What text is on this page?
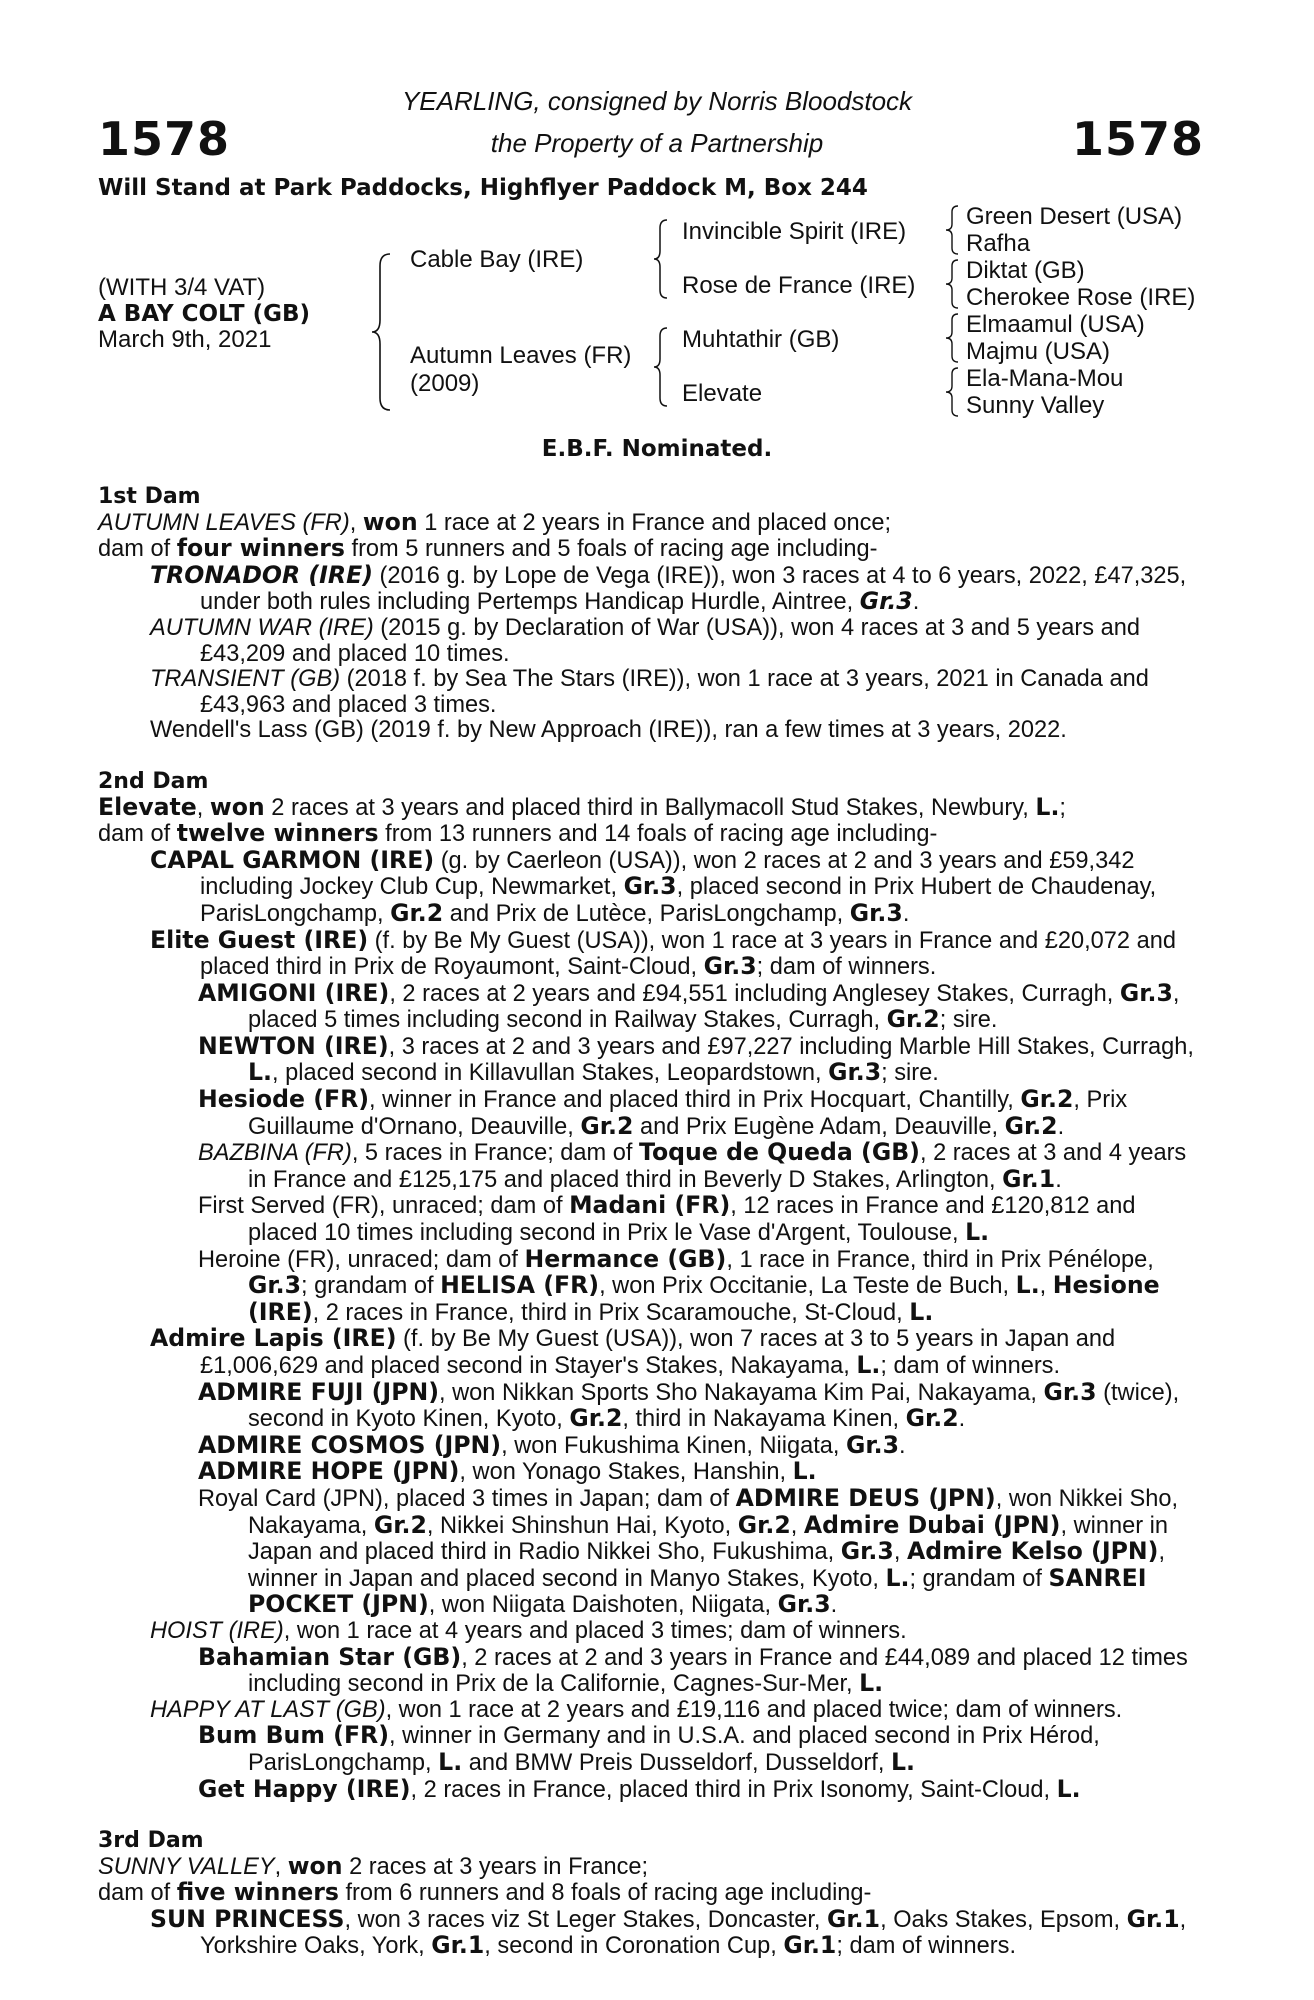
1578	1578
YEARLING, consigned by Norris Bloodstock
the Property of a Partnership
Will Stand at Park Paddocks, Highflyer Paddock M, Box 244
(WITH 3/4 VAT)
A BAY COLT (GB)
March 9th, 2021
Cable Bay (IRE)
Autumn Leaves (FR)
(2009)
Invincible Spirit (IRE)
Rose de France (IRE)
Muhtathir (GB)
Elevate
Green Desert (USA)
Rafha
Diktat (GB)
Cherokee Rose (IRE)
Elmaamul (USA)
Majmu (USA)
Ela-Mana-Mou
Sunny Valley
E.B.F. Nominated.

1st Dam

AUTUMN LEAVES (FR), won 1 race at 2 years in France and placed once;

dam of four winners from 5 runners and 5 foals of racing age including-

TRONADOR (IRE) (2016 g. by Lope de Vega (IRE)), won 3 races at 4 to 6 years, 2022, £47,325, under both rules including Pertemps Handicap Hurdle, Aintree, Gr.3.

AUTUMN WAR (IRE) (2015 g. by Declaration of War (USA)), won 4 races at 3 and 5 years and £43,209 and placed 10 times.

TRANSIENT (GB) (2018 f. by Sea The Stars (IRE)), won 1 race at 3 years, 2021 in Canada and £43,963 and placed 3 times.

Wendell's Lass (GB) (2019 f. by New Approach (IRE)), ran a few times at 3 years, 2022.

2nd Dam

Elevate, won 2 races at 3 years and placed third in Ballymacoll Stud Stakes, Newbury, L.;

dam of twelve winners from 13 runners and 14 foals of racing age including-

CAPAL GARMON (IRE) (g. by Caerleon (USA)), won 2 races at 2 and 3 years and £59,342 including Jockey Club Cup, Newmarket, Gr.3, placed second in Prix Hubert de Chaudenay, ParisLongchamp, Gr.2 and Prix de Lutèce, ParisLongchamp, Gr.3.

Elite Guest (IRE) (f. by Be My Guest (USA)), won 1 race at 3 years in France and £20,072 and placed third in Prix de Royaumont, Saint-Cloud, Gr.3; dam of winners.

AMIGONI (IRE), 2 races at 2 years and £94,551 including Anglesey Stakes, Curragh, Gr.3, placed 5 times including second in Railway Stakes, Curragh, Gr.2; sire.

NEWTON (IRE), 3 races at 2 and 3 years and £97,227 including Marble Hill Stakes, Curragh, L., placed second in Killavullan Stakes, Leopardstown, Gr.3; sire.

Hesiode (FR), winner in France and placed third in Prix Hocquart, Chantilly, Gr.2, Prix Guillaume d'Ornano, Deauville, Gr.2 and Prix Eugène Adam, Deauville, Gr.2.

BAZBINA (FR), 5 races in France; dam of Toque de Queda (GB), 2 races at 3 and 4 years in France and £125,175 and placed third in Beverly D Stakes, Arlington, Gr.1.

First Served (FR), unraced; dam of Madani (FR), 12 races in France and £120,812 and placed 10 times including second in Prix le Vase d'Argent, Toulouse, L.

Heroine (FR), unraced; dam of Hermance (GB), 1 race in France, third in Prix Pénélope, Gr.3; grandam of HELISA (FR), won Prix Occitanie, La Teste de Buch, L., Hesione (IRE), 2 races in France, third in Prix Scaramouche, St-Cloud, L.

Admire Lapis (IRE) (f. by Be My Guest (USA)), won 7 races at 3 to 5 years in Japan and £1,006,629 and placed second in Stayer's Stakes, Nakayama, L.; dam of winners.

ADMIRE FUJI (JPN), won Nikkan Sports Sho Nakayama Kim Pai, Nakayama, Gr.3 (twice), second in Kyoto Kinen, Kyoto, Gr.2, third in Nakayama Kinen, Gr.2.

ADMIRE COSMOS (JPN), won Fukushima Kinen, Niigata, Gr.3.

ADMIRE HOPE (JPN), won Yonago Stakes, Hanshin, L.

Royal Card (JPN), placed 3 times in Japan; dam of ADMIRE DEUS (JPN), won Nikkei Sho, Nakayama, Gr.2, Nikkei Shinshun Hai, Kyoto, Gr.2, Admire Dubai (JPN), winner in Japan and placed third in Radio Nikkei Sho, Fukushima, Gr.3, Admire Kelso (JPN), winner in Japan and placed second in Manyo Stakes, Kyoto, L.; grandam of SANREI POCKET (JPN), won Niigata Daishoten, Niigata, Gr.3.

HOIST (IRE), won 1 race at 4 years and placed 3 times; dam of winners.

Bahamian Star (GB), 2 races at 2 and 3 years in France and £44,089 and placed 12 times including second in Prix de la Californie, Cagnes-Sur-Mer, L.

HAPPY AT LAST (GB), won 1 race at 2 years and £19,116 and placed twice; dam of winners.

Bum Bum (FR), winner in Germany and in U.S.A. and placed second in Prix Hérod, ParisLongchamp, L. and BMW Preis Dusseldorf, Dusseldorf, L.

Get Happy (IRE), 2 races in France, placed third in Prix Isonomy, Saint-Cloud, L.

3rd Dam

SUNNY VALLEY, won 2 races at 3 years in France;

dam of five winners from 6 runners and 8 foals of racing age including-

SUN PRINCESS, won 3 races viz St Leger Stakes, Doncaster, Gr.1, Oaks Stakes, Epsom, Gr.1, Yorkshire Oaks, York, Gr.1, second in Coronation Cup, Gr.1; dam of winners.
